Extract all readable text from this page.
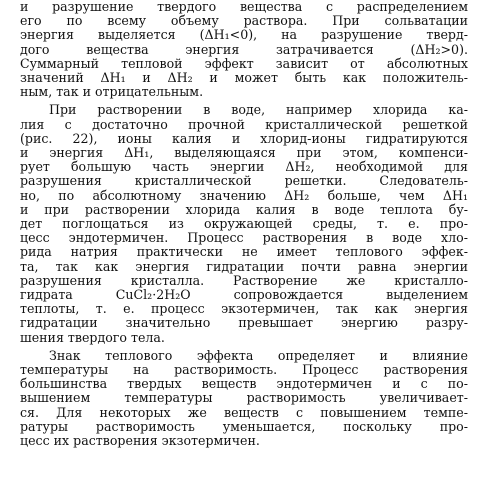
и разрушение твердого вещества с распределением
его по всему объему раствора. При сольватации
энергия выделяется (ΔH₁<0), на разрушение тверд-
дого вещества энергия затрачивается (ΔH₂>0).
Суммарный тепловой эффект зависит от абсолютных
значений ΔH₁ и ΔH₂ и может быть как положитель-
ным, так и отрицательным.
При растворении в воде, например хлорида ка-
лия с достаточно прочной кристаллической решеткой
(рис. 22), ионы калия и хлорид-ионы гидратируются
и энергия ΔH₁, выделяющаяся при этом, компенси-
рует большую часть энергии ΔH₂, необходимой для
разрушения кристаллической решетки. Следователь-
но, по абсолютному значению ΔH₂ больше, чем ΔH₁
и при растворении хлорида калия в воде теплота бу-
дет поглощаться из окружающей среды, т. е. про-
цесс эндотермичен. Процесс растворения в воде хло-
рида натрия практически не имеет теплового эффек-
та, так как энергия гидратации почти равна энергии
разрушения кристалла. Растворение же кристалло-
гидрата CuCl₂·2H₂O сопровождается выделением
теплоты, т. е. процесс экзотермичен, так как энергия
гидратации значительно превышает энергию разру-
шения твердого тела.
Знак теплового эффекта определяет и влияние
температуры на растворимость. Процесс растворения
большинства твердых веществ эндотермичен и с по-
вышением температуры растворимость увеличивает-
ся. Для некоторых же веществ с повышением темпе-
ратуры растворимость уменьшается, поскольку про-
цесс их растворения экзотермичен.
